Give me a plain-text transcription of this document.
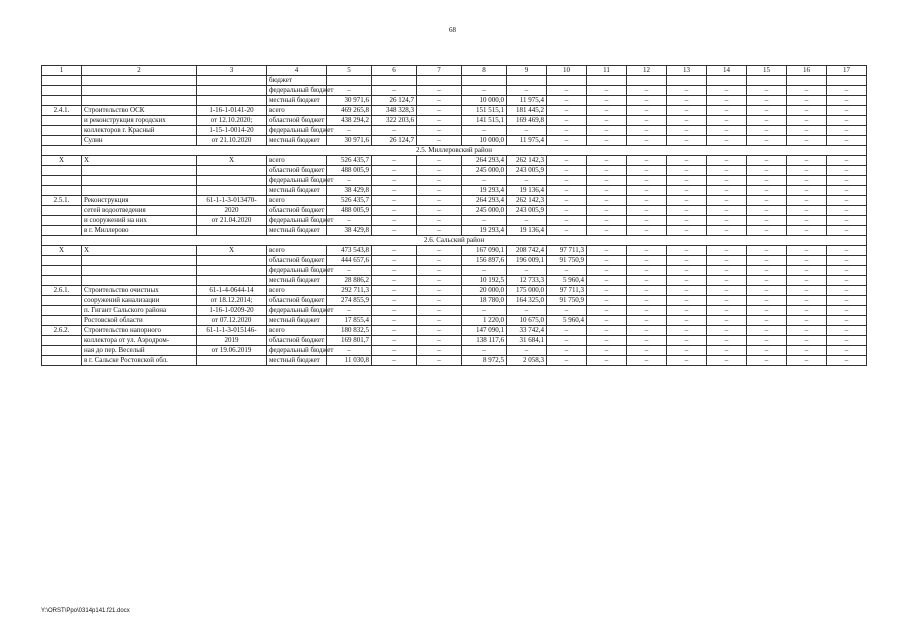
68
1	2	3	4	5	6	7	8	9	10	11	12	13	14	15	16	17
			бюджет													
			федеральный бюджет	–	–	–	–	–	–	–	–	–	–	–	–	–
			местный бюджет	30 971,6	26 124,7	–	10 000,0	11 975,4	–	–	–	–	–	–	–	–
2.4.1.	Строительство ОСК	1-16-1-0141-20	всего	469 265,8	348 328,3	–	151 515,1	181 445,2	–	–	–	–	–	–	–	–
	и реконструкция городских	от 12.10.2020;	областной бюджет	438 294,2	322 203,6	–	141 515,1	169 469,8	–	–	–	–	–	–	–	–
	коллекторов г. Красный	1-15-1-0014-20	федеральный бюджет	–	–	–	–	–	–	–	–	–	–	–	–	–
	Сулин	от 21.10.2020	местный бюджет	30 971,6	26 124,7	–	10 000,0	11 975,4	–	–	–	–	–	–	–	–
2.5. Миллеровский район																
Х	Х	Х	всего	526 435,7	–	–	264 293,4	262 142,3	–	–	–	–	–	–	–	–
			областной бюджет	488 005,9	–	–	245 000,0	243 005,9	–	–	–	–	–	–	–	–
			федеральный бюджет	–	–	–	–	–	–	–	–	–	–	–	–	–
			местный бюджет	38 429,8	–	–	19 293,4	19 136,4	–	–	–	–	–	–	–	–
2.5.1.	Реконструкция	61-1-1-3-013470-	всего	526 435,7	–	–	264 293,4	262 142,3	–	–	–	–	–	–	–	–
	сетей водоотведения	2020	областной бюджет	488 005,9	–	–	245 000,0	243 005,9	–	–	–	–	–	–	–	–
	и сооружений на них	от 21.04.2020	федеральный бюджет	–	–	–	–	–	–	–	–	–	–	–	–	–
	в г. Миллерово		местный бюджет	38 429,8	–	–	19 293,4	19 136,4	–	–	–	–	–	–	–	–
2.6. Сальский район																
Х	Х	Х	всего	473 543,8	–	–	167 090,1	208 742,4	97 711,3	–	–	–	–	–	–	–
			областной бюджет	444 657,6	–	–	156 897,6	196 009,1	91 750,9	–	–	–	–	–	–	–
			федеральный бюджет	–	–	–	–	–	–	–	–	–	–	–	–	–
			местный бюджет	28 886,2	–	–	10 192,5	12 733,3	5 960,4	–	–	–	–	–	–	–
2.6.1.	Строительство очистных	61-1-4-0644-14	всего	292 711,3	–	–	20 000,0	175 000,0	97 711,3	–	–	–	–	–	–	–
	сооружений канализации	от 18.12.2014;	областной бюджет	274 855,9	–	–	18 780,0	164 325,0	91 750,9	–	–	–	–	–	–	–
	п. Гигант Сальского района	1-16-1-0209-20	федеральный бюджет	–	–	–	–	–	–	–	–	–	–	–	–	–
	Ростовской области	от 07.12.2020	местный бюджет	17 855,4	–	–	1 220,0	10 675,0	5 960,4	–	–	–	–	–	–	–
2.6.2.	Строительство напорного	61-1-1-3-015146-	всего	180 832,5	–	–	147 090,1	33 742,4	–	–	–	–	–	–	–	–
	коллектора от ул. Аэродром-	2019	областной бюджет	169 801,7	–	–	138 117,6	31 684,1	–	–	–	–	–	–	–	–
	ная до пер. Веселый	от 19.06.2019	федеральный бюджет	–	–	–	–	–	–	–	–	–	–	–	–	–
	в г. Сальске Ростовской обл.		местный бюджет	11 030,8	–	–	8 972,5	2 058,3	–	–	–	–	–	–	–	–
Y:\ORST\Ppo\0314p141.f21.docx
